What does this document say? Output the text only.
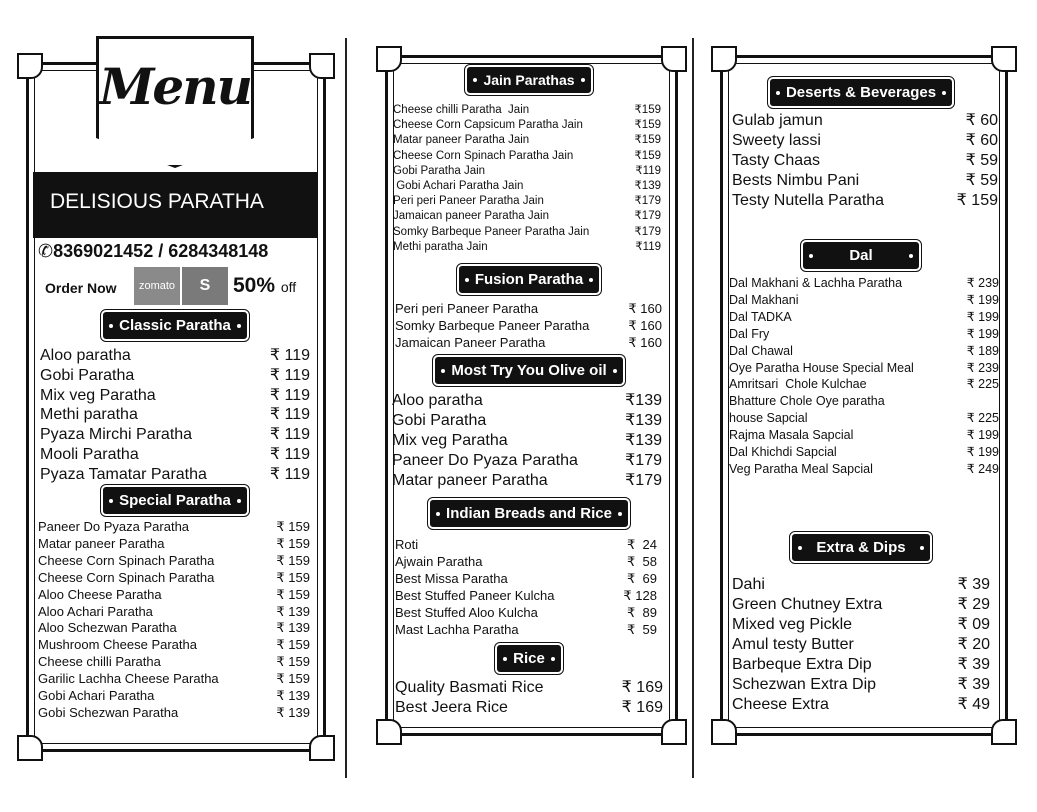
Menu
DELISIOUS PARATHA
✆8369021452 / 6284348148
Order Now	zomato	S	50% off
Classic Paratha
Aloo paratha	₹ 119
Gobi Paratha	₹ 119
Mix veg Paratha	₹ 119
Methi paratha	₹ 119
Pyaza Mirchi Paratha	₹ 119
Mooli Paratha	₹ 119
Pyaza Tamatar Paratha	₹ 119
Special Paratha
Paneer Do Pyaza Paratha	₹ 159
Matar paneer Paratha	₹ 159
Cheese Corn Spinach Paratha	₹ 159
Cheese Corn Spinach Paratha	₹ 159
Aloo Cheese Paratha	₹ 159
Aloo Achari Paratha	₹ 139
Aloo Schezwan Paratha	₹ 139
Mushroom Cheese Paratha	₹ 159
Cheese chilli Paratha	₹ 159
Garilic Lachha Cheese Paratha	₹ 159
Gobi Achari Paratha	₹ 139
Gobi Schezwan Paratha	₹ 139
Jain Parathas
Cheese chilli Paratha  Jain	₹159
Cheese Corn Capsicum Paratha Jain	₹159
Matar paneer Paratha Jain	₹159
Cheese Corn Spinach Paratha Jain	₹159
Gobi Paratha Jain	₹119
Gobi Achari Paratha Jain	₹139
Peri peri Paneer Paratha Jain	₹179
Jamaican paneer Paratha Jain	₹179
Somky Barbeque Paneer Paratha Jain	₹179
Methi paratha Jain	₹119
Fusion Paratha
Peri peri Paneer Paratha	₹ 160
Somky Barbeque Paneer Paratha	₹ 160
Jamaican Paneer Paratha	₹ 160
Most Try You Olive oil
Aloo paratha	₹139
Gobi Paratha	₹139
Mix veg Paratha	₹139
Paneer Do Pyaza Paratha	₹179
Matar paneer Paratha	₹179
Indian Breads and Rice
Roti	₹  24
Ajwain Paratha	₹  58
Best Missa Paratha	₹  69
Best Stuffed Paneer Kulcha	₹ 128
Best Stuffed Aloo Kulcha	₹  89
Mast Lachha Paratha	₹  59
Rice
Quality Basmati Rice	₹ 169
Best Jeera Rice	₹ 169
Deserts & Beverages
Gulab jamun	₹ 60
Sweety lassi	₹ 60
Tasty Chaas	₹ 59
Bests Nimbu Pani	₹ 59
Testy Nutella Paratha	₹ 159
Dal
Dal Makhani & Lachha Paratha	₹ 239
Dal Makhani	₹ 199
Dal TADKA	₹ 199
Dal Fry	₹ 199
Dal Chawal	₹ 189
Oye Paratha House Special Meal	₹ 239
Amritsari  Chole Kulchae	₹ 225
Bhatture Chole Oye paratha
house Sapcial	₹ 225
Rajma Masala Sapcial	₹ 199
Dal Khichdi Sapcial	₹ 199
Veg Paratha Meal Sapcial	₹ 249
Extra & Dips
Dahi	₹ 39
Green Chutney Extra	₹ 29
Mixed veg Pickle	₹ 09
Amul testy Butter	₹ 20
Barbeque Extra Dip	₹ 39
Schezwan Extra Dip	₹ 39
Cheese Extra	₹ 49
